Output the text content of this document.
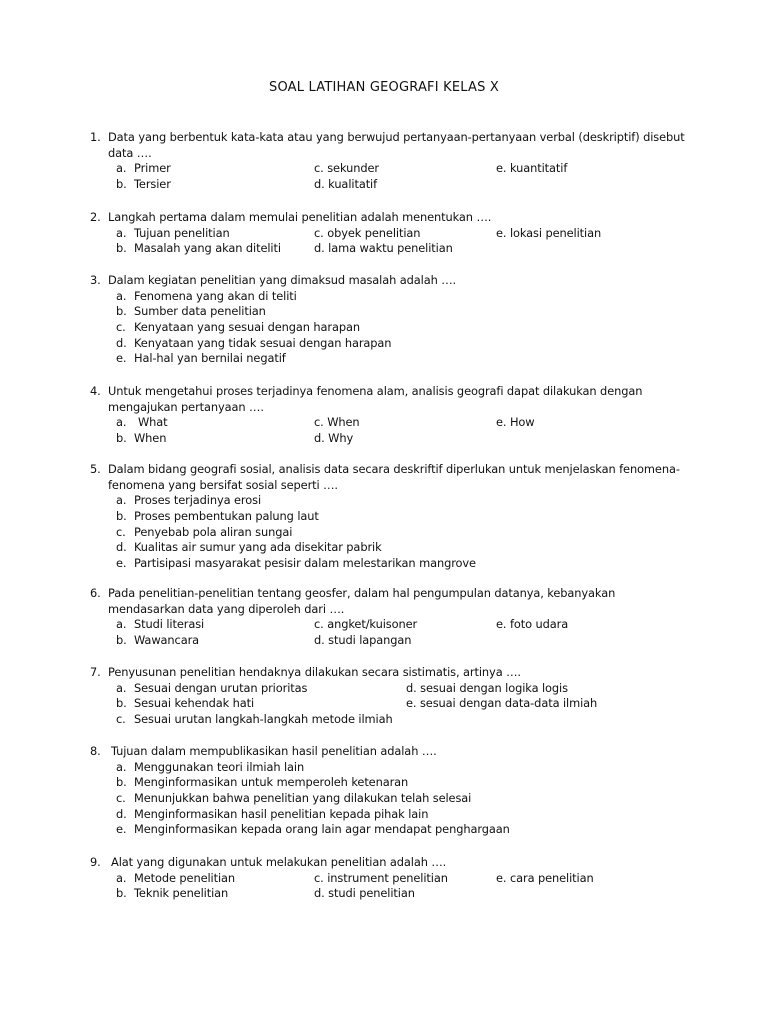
SOAL LATIHAN GEOGRAFI KELAS X
1. Data yang berbentuk kata-kata atau yang berwujud pertanyaan-pertanyaan verbal (deskriptif) disebut
data ….
a. Primer	c. sekunder	e. kuantitatif
b. Tersier	d. kualitatif
2. Langkah pertama dalam memulai penelitian adalah menentukan ….
a. Tujuan penelitian	c. obyek penelitian	e. lokasi penelitian
b. Masalah yang akan diteliti	d. lama waktu penelitian
3. Dalam kegiatan penelitian yang dimaksud masalah adalah ….
a. Fenomena yang akan di teliti
b. Sumber data penelitian
c. Kenyataan yang sesuai dengan harapan
d. Kenyataan yang tidak sesuai dengan harapan
e. Hal-hal yan bernilai negatif
4. Untuk mengetahui proses terjadinya fenomena alam, analisis geografi dapat dilakukan dengan
mengajukan pertanyaan ….
a. What	c. When	e. How
b. When	d. Why
5. Dalam bidang geografi sosial, analisis data secara deskriftif diperlukan untuk menjelaskan fenomena-
fenomena yang bersifat sosial seperti ….
a. Proses terjadinya erosi
b. Proses pembentukan palung laut
c. Penyebab pola aliran sungai
d. Kualitas air sumur yang ada disekitar pabrik
e. Partisipasi masyarakat pesisir dalam melestarikan mangrove
6. Pada penelitian-penelitian tentang geosfer, dalam hal pengumpulan datanya, kebanyakan
mendasarkan data yang diperoleh dari ….
a. Studi literasi	c. angket/kuisoner	e. foto udara
b. Wawancara	d. studi lapangan
7. Penyusunan penelitian hendaknya dilakukan secara sistimatis, artinya ….
a. Sesuai dengan urutan prioritas	d. sesuai dengan logika logis
b. Sesuai kehendak hati	e. sesuai dengan data-data ilmiah
c. Sesuai urutan langkah-langkah metode ilmiah
8. Tujuan dalam mempublikasikan hasil penelitian adalah ….
a. Menggunakan teori ilmiah lain
b. Menginformasikan untuk memperoleh ketenaran
c. Menunjukkan bahwa penelitian yang dilakukan telah selesai
d. Menginformasikan hasil penelitian kepada pihak lain
e. Menginformasikan kepada orang lain agar mendapat penghargaan
9. Alat yang digunakan untuk melakukan penelitian adalah ….
a. Metode penelitian	c. instrument penelitian	e. cara penelitian
b. Teknik penelitian	d. studi penelitian
